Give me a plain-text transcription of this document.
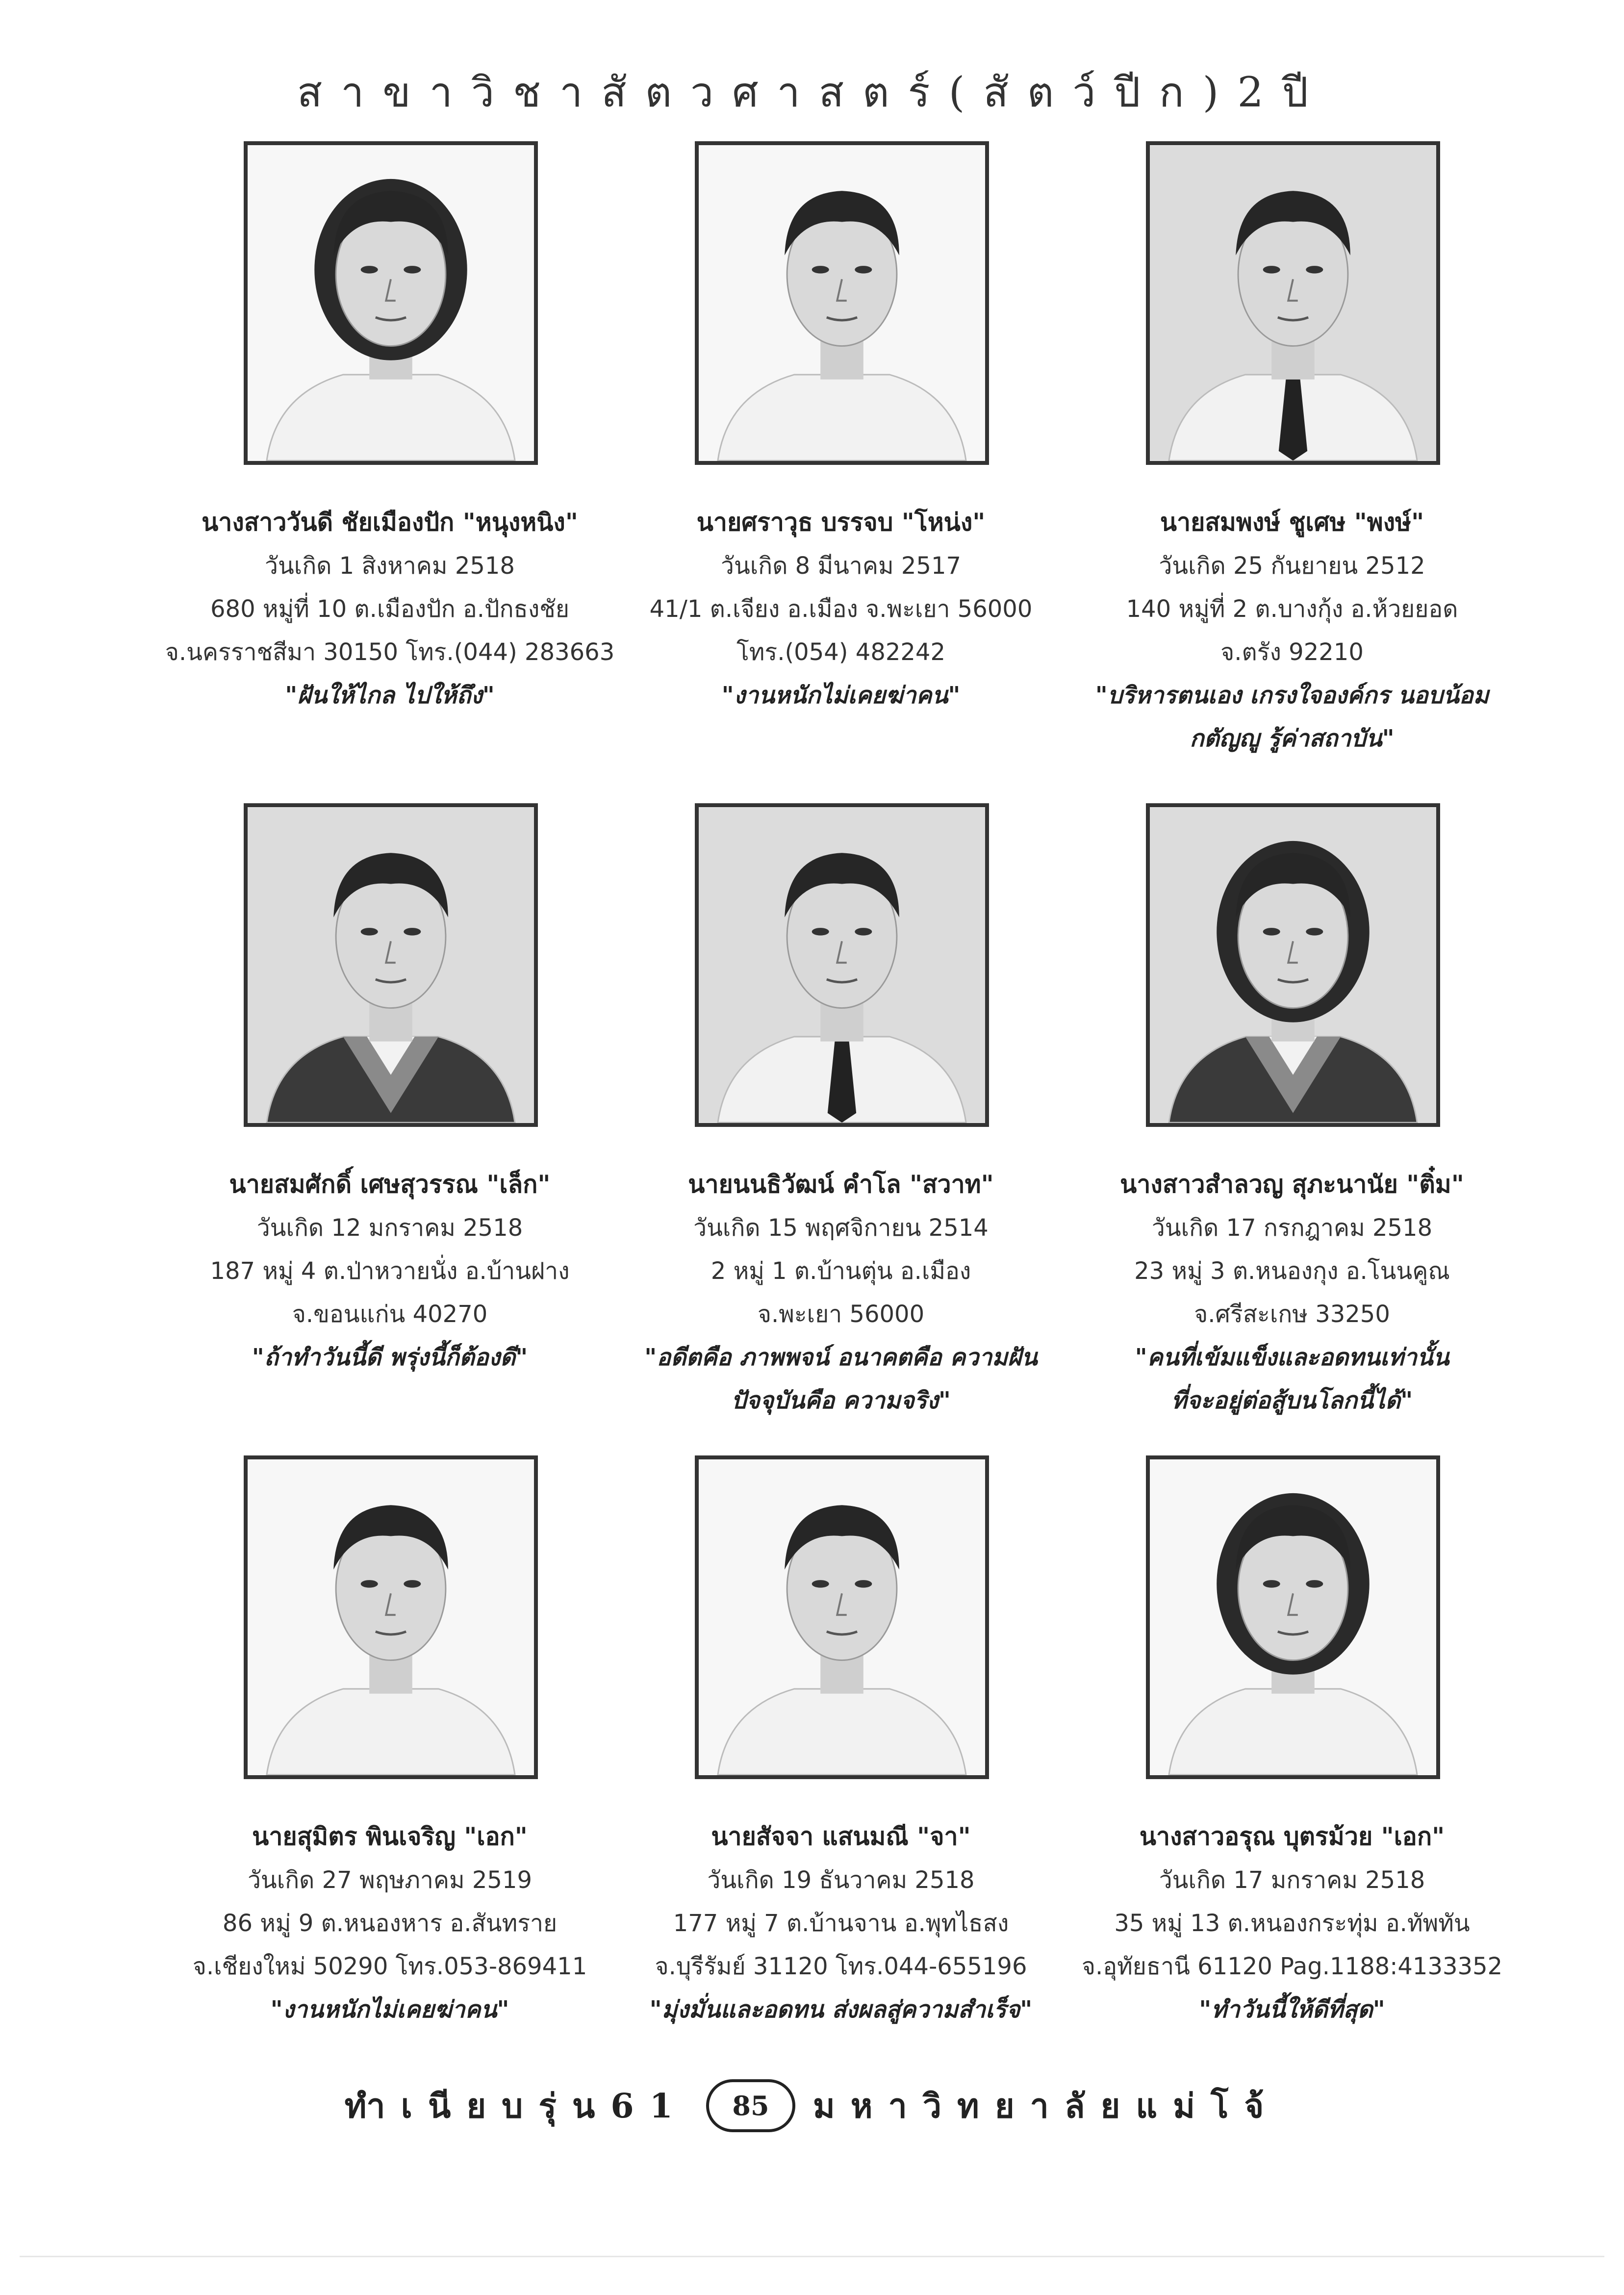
สาขาวิชาสัตวศาสตร์(สัตว์ปีก)2ปี
นางสาววันดี ชัยเมืองปัก "หนุงหนิง"
วันเกิด 1 สิงหาคม 2518
680 หมู่ที่ 10 ต.เมืองปัก อ.ปักธงชัย
จ.นครราชสีมา 30150 โทร.(044) 283663
"ฝันให้ไกล ไปให้ถึง"
นายศราวุธ บรรจบ "โหน่ง"
วันเกิด 8 มีนาคม 2517
41/1 ต.เจียง อ.เมือง จ.พะเยา 56000
โทร.(054) 482242
"งานหนักไม่เคยฆ่าคน"
นายสมพงษ์ ชูเศษ "พงษ์"
วันเกิด 25 กันยายน 2512
140 หมู่ที่ 2 ต.บางกุ้ง อ.ห้วยยอด
จ.ตรัง 92210
"บริหารตนเอง เกรงใจองค์กร นอบน้อม
กตัญญู รู้ค่าสถาบัน"
นายสมศักดิ์ เศษสุวรรณ "เล็ก"
วันเกิด 12 มกราคม 2518
187 หมู่ 4 ต.ป่าหวายนั่ง อ.บ้านฝาง
จ.ขอนแก่น 40270
"ถ้าทำวันนี้ดี พรุ่งนี้ก็ต้องดี"
นายนนธิวัฒน์ คำโล "สวาท"
วันเกิด 15 พฤศจิกายน 2514
2 หมู่ 1 ต.บ้านตุ่น อ.เมือง
จ.พะเยา 56000
"อดีตคือ ภาพพจน์ อนาคตคือ ความฝัน
ปัจจุบันคือ ความจริง"
นางสาวสำลวญ สุภะนานัย "ติ๋ม"
วันเกิด 17 กรกฎาคม 2518
23 หมู่ 3 ต.หนองกุง อ.โนนคูณ
จ.ศรีสะเกษ 33250
"คนที่เข้มแข็งและอดทนเท่านั้น
ที่จะอยู่ต่อสู้บนโลกนี้ได้"
นายสุมิตร พินเจริญ "เอก"
วันเกิด 27 พฤษภาคม 2519
86 หมู่ 9 ต.หนองหาร อ.สันทราย
จ.เชียงใหม่ 50290 โทร.053-869411
"งานหนักไม่เคยฆ่าคน"
นายสัจจา แสนมณี "จา"
วันเกิด 19 ธันวาคม 2518
177 หมู่ 7 ต.บ้านจาน อ.พุทไธสง
จ.บุรีรัมย์ 31120 โทร.044-655196
"มุ่งมั่นและอดทน ส่งผลสู่ความสำเร็จ"
นางสาวอรุณ บุตรม้วย "เอก"
วันเกิด 17 มกราคม 2518
35 หมู่ 13 ต.หนองกระทุ่ม อ.ทัพทัน
จ.อุทัยธานี 61120 Pag.1188:4133352
"ทำวันนี้ให้ดีที่สุด"
ทำเนียบรุ่น61	85	มหาวิทยาลัยแม่โจ้
